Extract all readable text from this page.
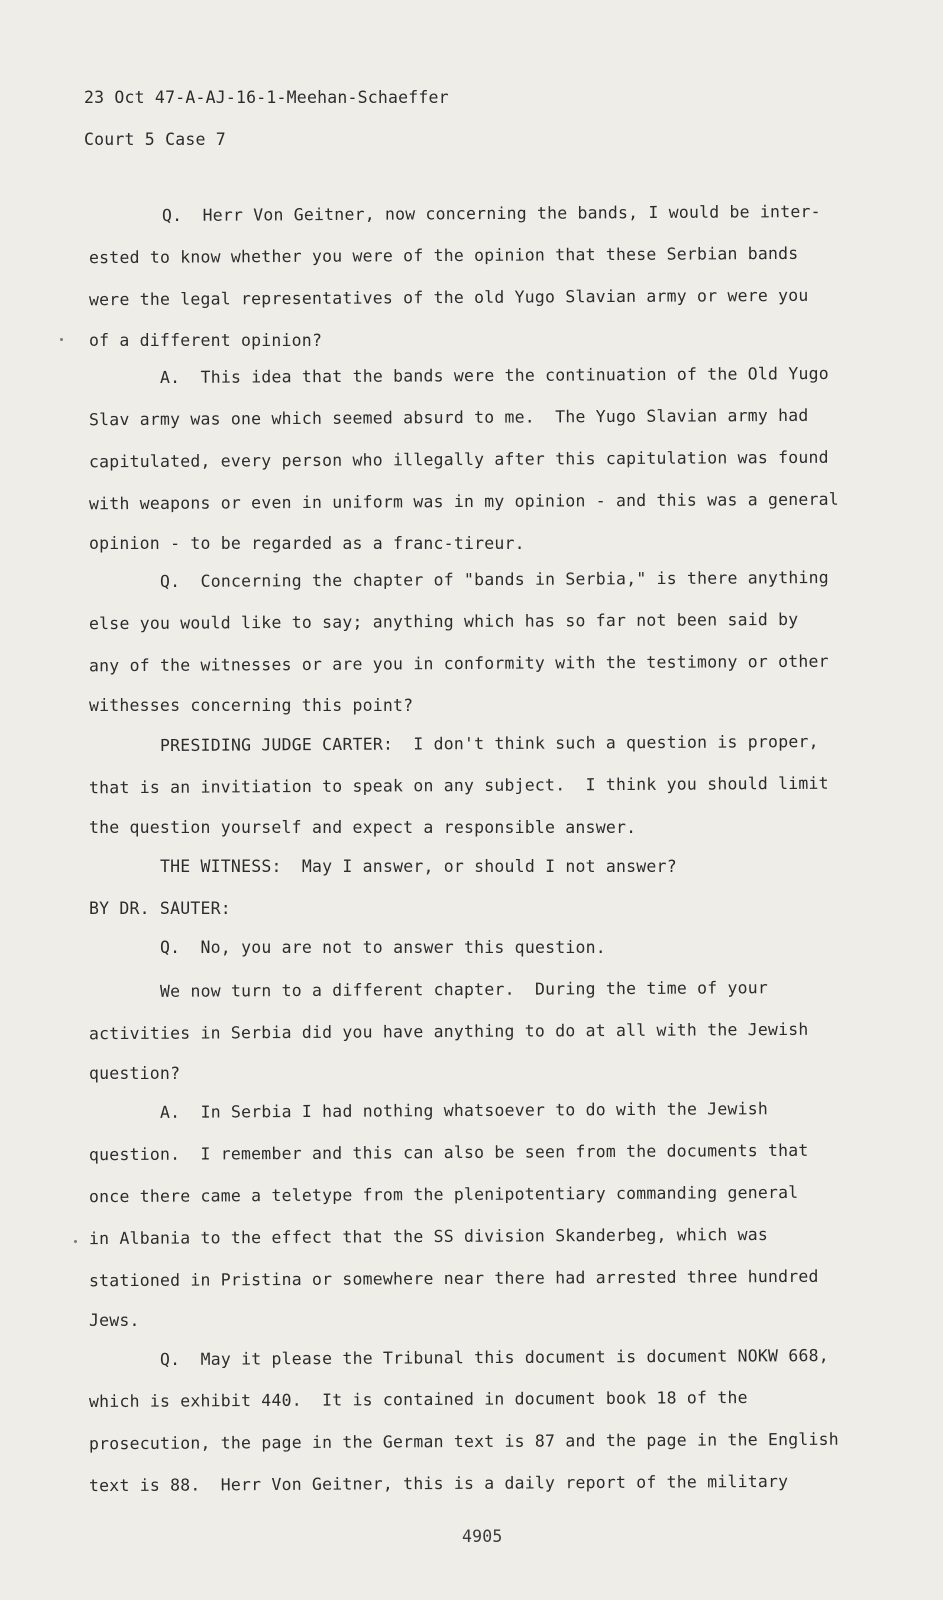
23 Oct 47-A-AJ-16-1-Meehan-Schaeffer
Court 5 Case 7
Q.  Herr Von Geitner, now concerning the bands, I would be inter-
ested to know whether you were of the opinion that these Serbian bands
were the legal representatives of the old Yugo Slavian army or were you
of a different opinion?
A.  This idea that the bands were the continuation of the Old Yugo
Slav army was one which seemed absurd to me.  The Yugo Slavian army had
capitulated, every person who illegally after this capitulation was found
with weapons or even in uniform was in my opinion - and this was a general
opinion - to be regarded as a franc-tireur.
Q.  Concerning the chapter of "bands in Serbia," is there anything
else you would like to say; anything which has so far not been said by
any of the witnesses or are you in conformity with the testimony or other
withesses concerning this point?
PRESIDING JUDGE CARTER:  I don't think such a question is proper,
that is an invitiation to speak on any subject.  I think you should limit
the question yourself and expect a responsible answer.
THE WITNESS:  May I answer, or should I not answer?
BY DR. SAUTER:
Q.  No, you are not to answer this question.
We now turn to a different chapter.  During the time of your
activities in Serbia did you have anything to do at all with the Jewish
question?
A.  In Serbia I had nothing whatsoever to do with the Jewish
question.  I remember and this can also be seen from the documents that
once there came a teletype from the plenipotentiary commanding general
in Albania to the effect that the SS division Skanderbeg, which was
stationed in Pristina or somewhere near there had arrested three hundred
Jews.
Q.  May it please the Tribunal this document is document NOKW 668,
which is exhibit 440.  It is contained in document book 18 of the
prosecution, the page in the German text is 87 and the page in the English
text is 88.  Herr Von Geitner, this is a daily report of the military
4905
